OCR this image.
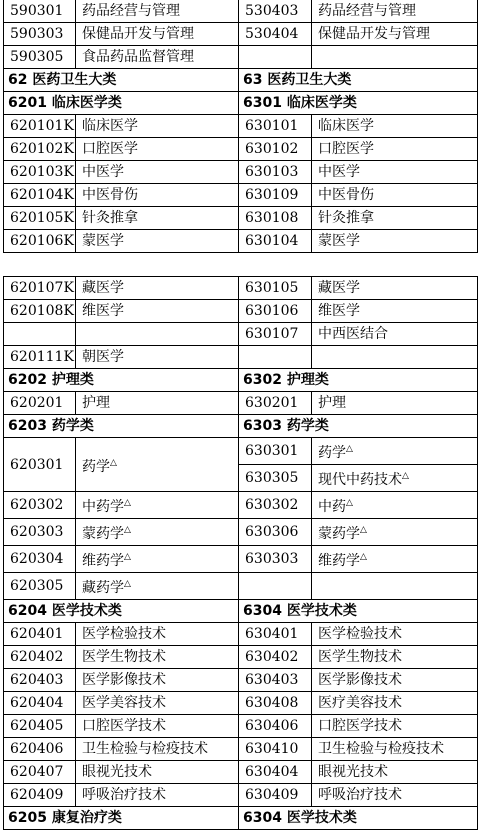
590301	药品经营与管理	530403	药品经营与管理
590303	保健品开发与管理	530404	保健品开发与管理
590305	食品药品监督管理		
62 医药卫生大类		63 医药卫生大类	
6201 临床医学类		6301 临床医学类	
620101K	临床医学	630101	临床医学
620102K	口腔医学	630102	口腔医学
620103K	中医学	630103	中医学
620104K	中医骨伤	630109	中医骨伤
620105K	针灸推拿	630108	针灸推拿
620106K	蒙医学	630104	蒙医学
620107K	藏医学	630105	藏医学
620108K	维医学	630106	维医学
		630107	中西医结合
620111K	朝医学		
6202 护理类		6302 护理类	
620201	护理	630201	护理
6203 药学类		6303 药学类	
620301	药学△	630301	药学△
		630305	现代中药技术△
620302	中药学△	630302	中药△
620303	蒙药学△	630306	蒙药学△
620304	维药学△	630303	维药学△
620305	藏药学△		
6204 医学技术类		6304 医学技术类	
620401	医学检验技术	630401	医学检验技术
620402	医学生物技术	630402	医学生物技术
620403	医学影像技术	630403	医学影像技术
620404	医学美容技术	630408	医疗美容技术
620405	口腔医学技术	630406	口腔医学技术
620406	卫生检验与检疫技术	630410	卫生检验与检疫技术
620407	眼视光技术	630404	眼视光技术
620409	呼吸治疗技术	630409	呼吸治疗技术
6205 康复治疗类		6304 医学技术类	
